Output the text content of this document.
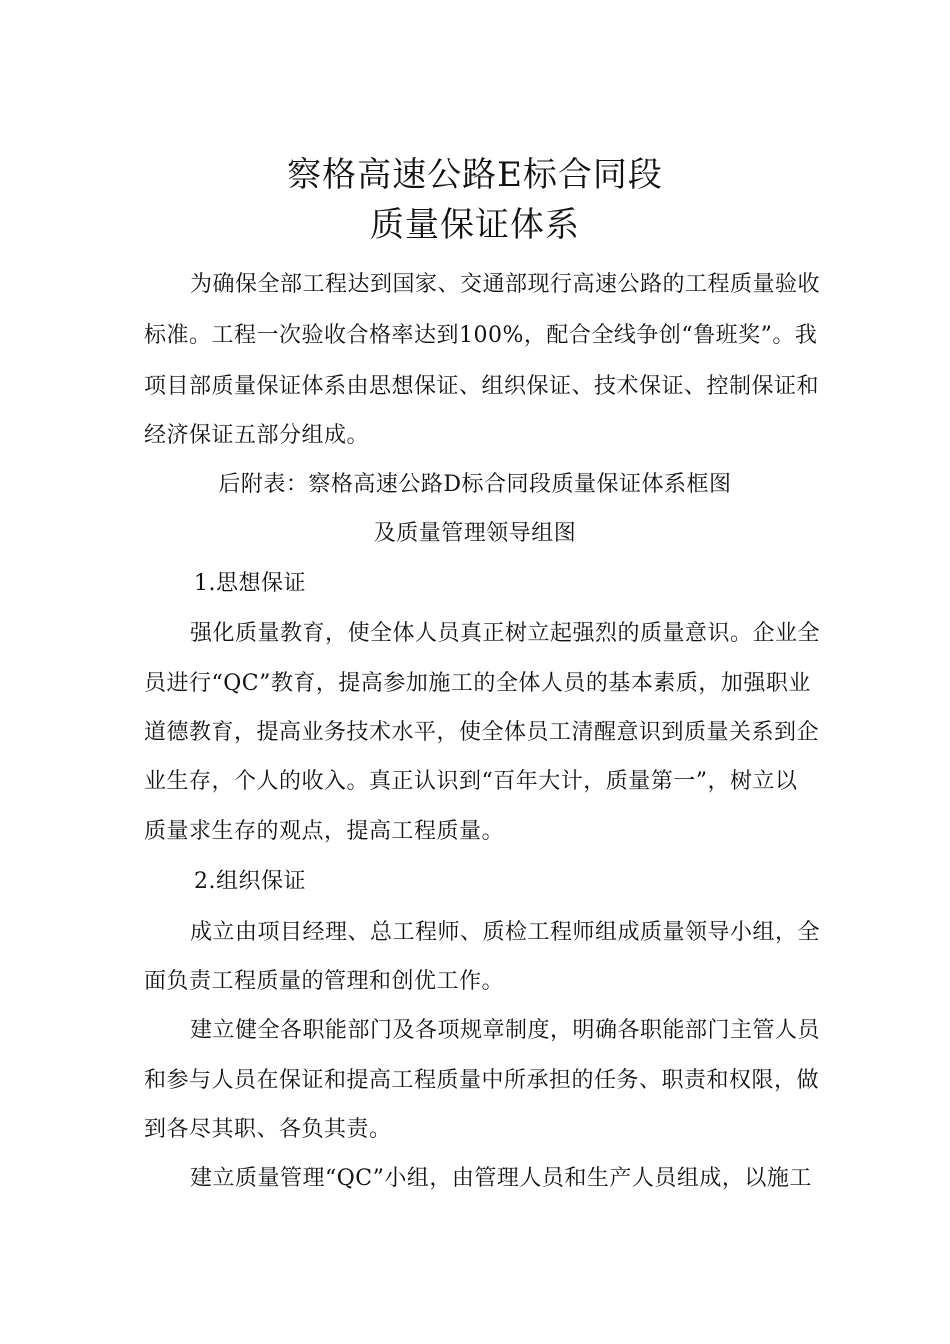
察格高速公路E标合同段
质量保证体系
为确保全部工程达到国家、交通部现行高速公路的工程质量验收
标准。工程一次验收合格率达到100%，配合全线争创“鲁班奖”。我
项目部质量保证体系由思想保证、组织保证、技术保证、控制保证和
经济保证五部分组成。
后附表：察格高速公路D标合同段质量保证体系框图
及质量管理领导组图
1.思想保证
强化质量教育，使全体人员真正树立起强烈的质量意识。企业全
员进行“QC”教育，提高参加施工的全体人员的基本素质，加强职业
道德教育，提高业务技术水平，使全体员工清醒意识到质量关系到企
业生存，个人的收入。真正认识到“百年大计，质量第一”，树立以
质量求生存的观点，提高工程质量。
2.组织保证
成立由项目经理、总工程师、质检工程师组成质量领导小组，全
面负责工程质量的管理和创优工作。
建立健全各职能部门及各项规章制度，明确各职能部门主管人员
和参与人员在保证和提高工程质量中所承担的任务、职责和权限，做
到各尽其职、各负其责。
建立质量管理“QC”小组，由管理人员和生产人员组成，以施工
